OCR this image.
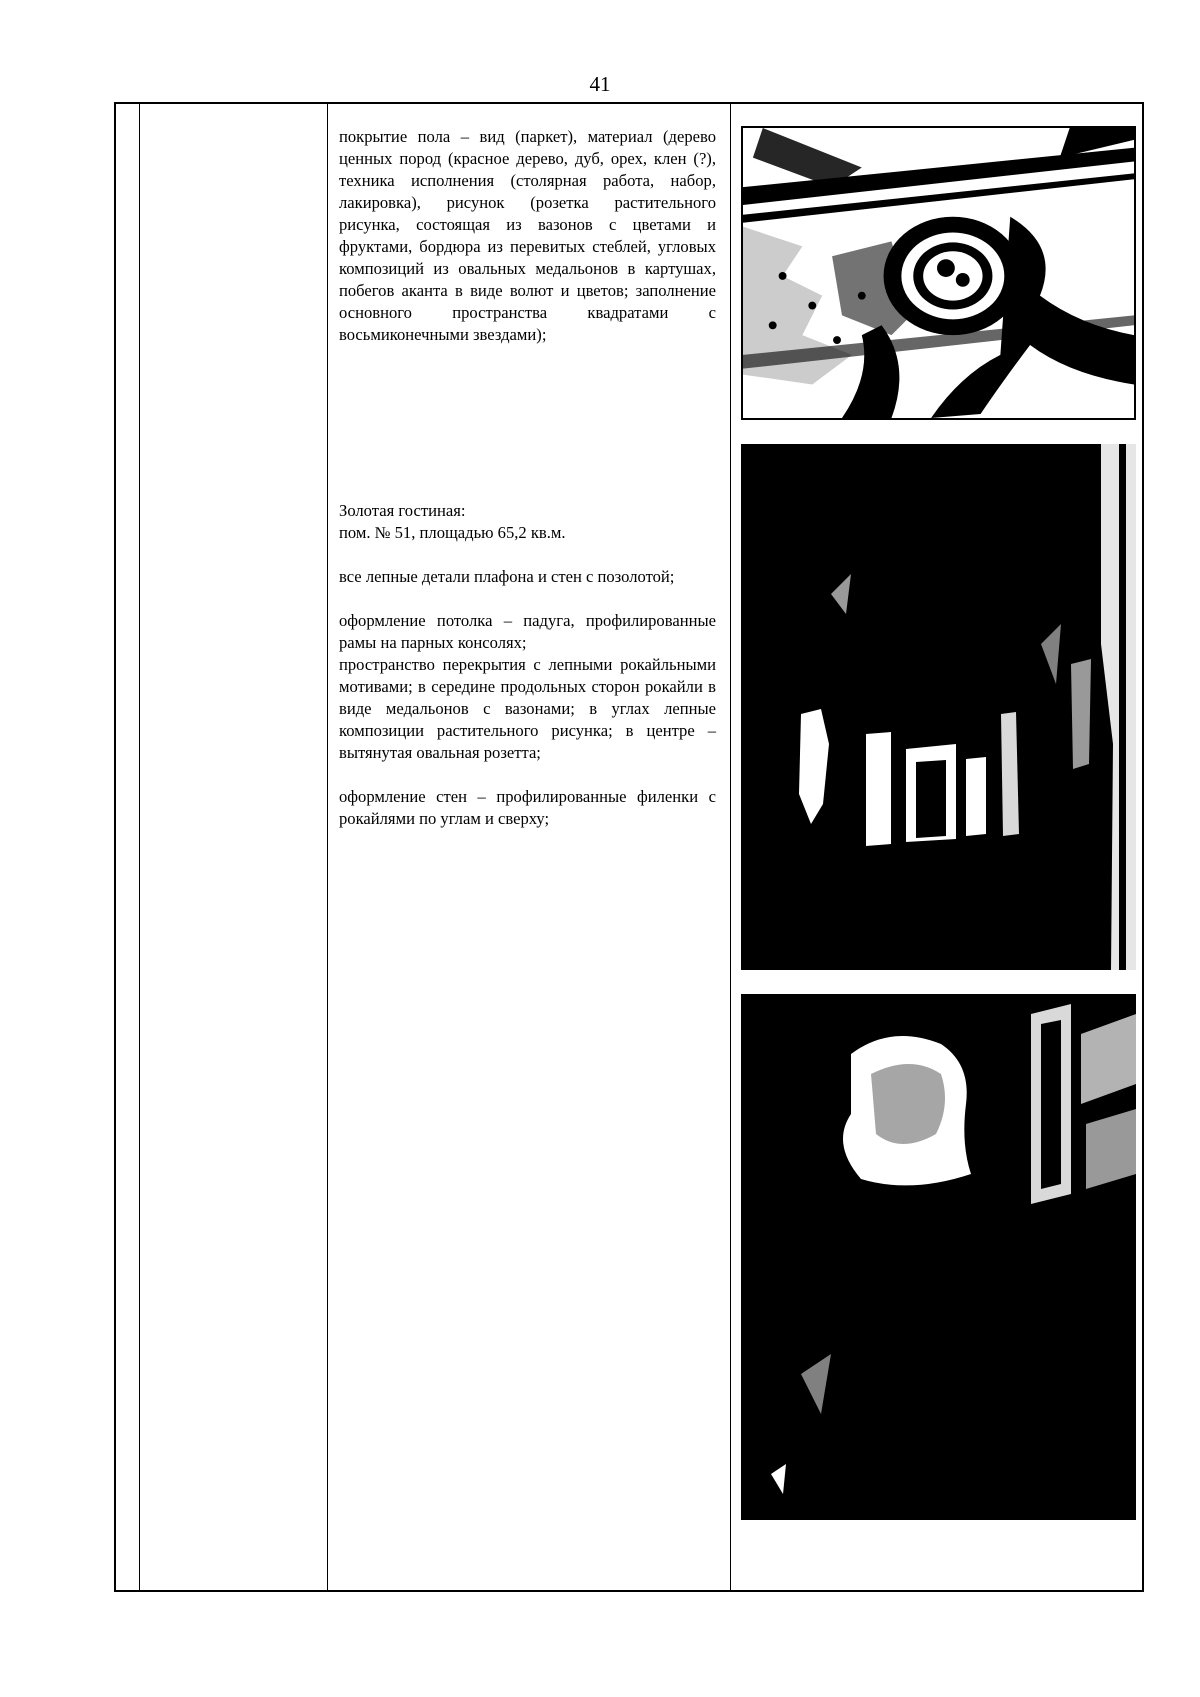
41

покрытие пола – вид (паркет), материал (дерево ценных пород (красное дерево, дуб, орех, клен (?), техника исполнения (столярная работа, набор, лакировка), рисунок (розетка растительного рисунка, состоящая из вазонов с цветами и фруктами, бордюра из перевитых стеблей, угловых композиций из овальных медальонов в картушах, побегов аканта в виде волют и цветов; заполнение основного пространства квадратами с восьмиконечными звездами);

Золотая гостиная:

пом. № 51, площадью 65,2 кв.м.

все лепные детали плафона и стен с позолотой;

оформление потолка – падуга, профилированные рамы на парных консолях;

пространство перекрытия с лепными рокайльными мотивами; в середине продольных сторон рокайли в виде медальонов с вазонами; в углах лепные композиции растительного рисунка; в центре – вытянутая овальная розетта;

оформление стен – профилированные филенки с рокайлями по углам и сверху;
